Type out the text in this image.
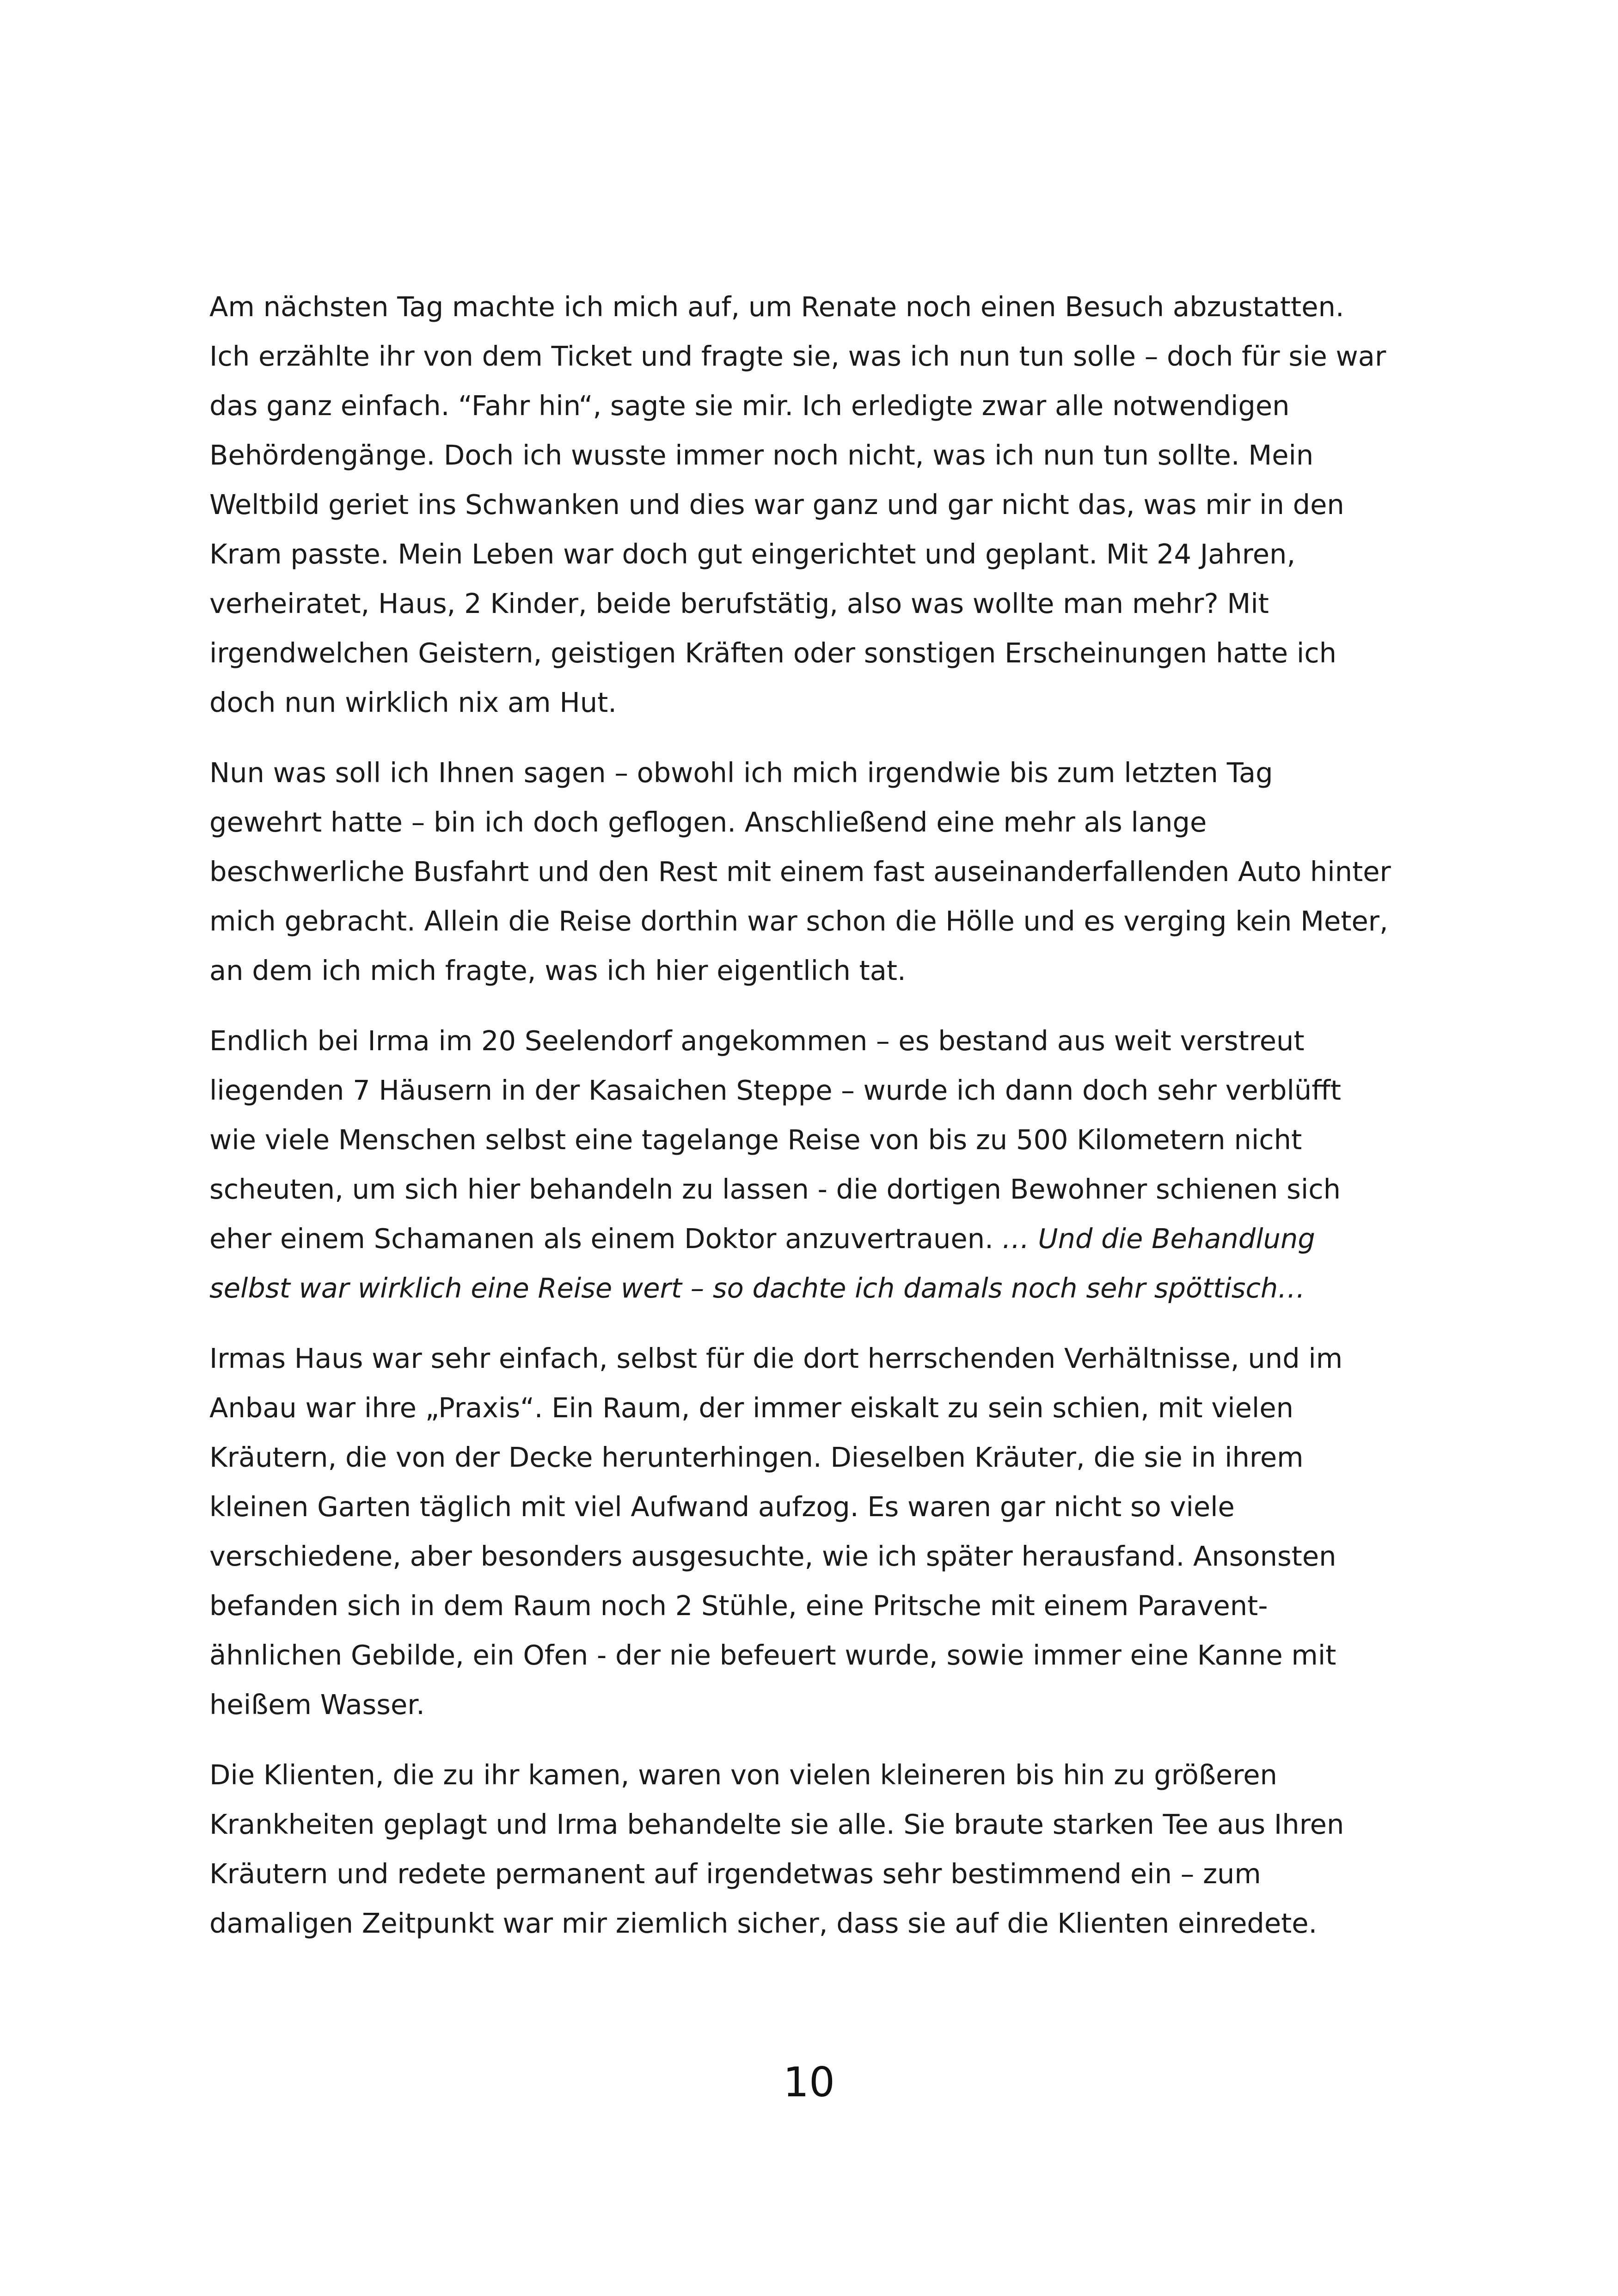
Am nächsten Tag machte ich mich auf, um Renate noch einen Besuch abzustatten. Ich erzählte ihr von dem Ticket und fragte sie, was ich nun tun solle – doch für sie war das ganz einfach. “Fahr hin“, sagte sie mir. Ich erledigte zwar alle notwendigen Behördengänge. Doch ich wusste immer noch nicht, was ich nun tun sollte. Mein Weltbild geriet ins Schwanken und dies war ganz und gar nicht das, was mir in den Kram passte. Mein Leben war doch gut eingerichtet und geplant. Mit 24 Jahren, verheiratet, Haus, 2 Kinder, beide berufstätig, also was wollte man mehr? Mit irgendwelchen Geistern, geistigen Kräften oder sonstigen Erscheinungen hatte ich doch nun wirklich nix am Hut.

Nun was soll ich Ihnen sagen – obwohl ich mich irgendwie bis zum letzten Tag gewehrt hatte – bin ich doch geflogen. Anschließend eine mehr als lange beschwerliche Busfahrt und den Rest mit einem fast auseinanderfallenden Auto hinter mich gebracht. Allein die Reise dorthin war schon die Hölle und es verging kein Meter, an dem ich mich fragte, was ich hier eigentlich tat.

Endlich bei Irma im 20 Seelendorf angekommen – es bestand aus weit verstreut liegenden 7 Häusern in der Kasaichen Steppe – wurde ich dann doch sehr verblüfft wie viele Menschen selbst eine tagelange Reise von bis zu 500 Kilometern nicht scheuten, um sich hier behandeln zu lassen - die dortigen Bewohner schienen sich eher einem Schamanen als einem Doktor anzuvertrauen. … Und die Behandlung selbst war wirklich eine Reise wert – so dachte ich damals noch sehr spöttisch…

Irmas Haus war sehr einfach, selbst für die dort herrschenden Verhältnisse, und im Anbau war ihre „Praxis“. Ein Raum, der immer eiskalt zu sein schien, mit vielen Kräutern, die von der Decke herunterhingen. Dieselben Kräuter, die sie in ihrem kleinen Garten täglich mit viel Aufwand aufzog. Es waren gar nicht so viele verschiedene, aber besonders ausgesuchte, wie ich später herausfand. Ansonsten befanden sich in dem Raum noch 2 Stühle, eine Pritsche mit einem Paravent-ähnlichen Gebilde, ein Ofen - der nie befeuert wurde, sowie immer eine Kanne mit heißem Wasser.

Die Klienten, die zu ihr kamen, waren von vielen kleineren bis hin zu größeren Krankheiten geplagt und Irma behandelte sie alle. Sie braute starken Tee aus Ihren Kräutern und redete permanent auf irgendetwas sehr bestimmend ein – zum damaligen Zeitpunkt war mir ziemlich sicher, dass sie auf die Klienten einredete.

10
